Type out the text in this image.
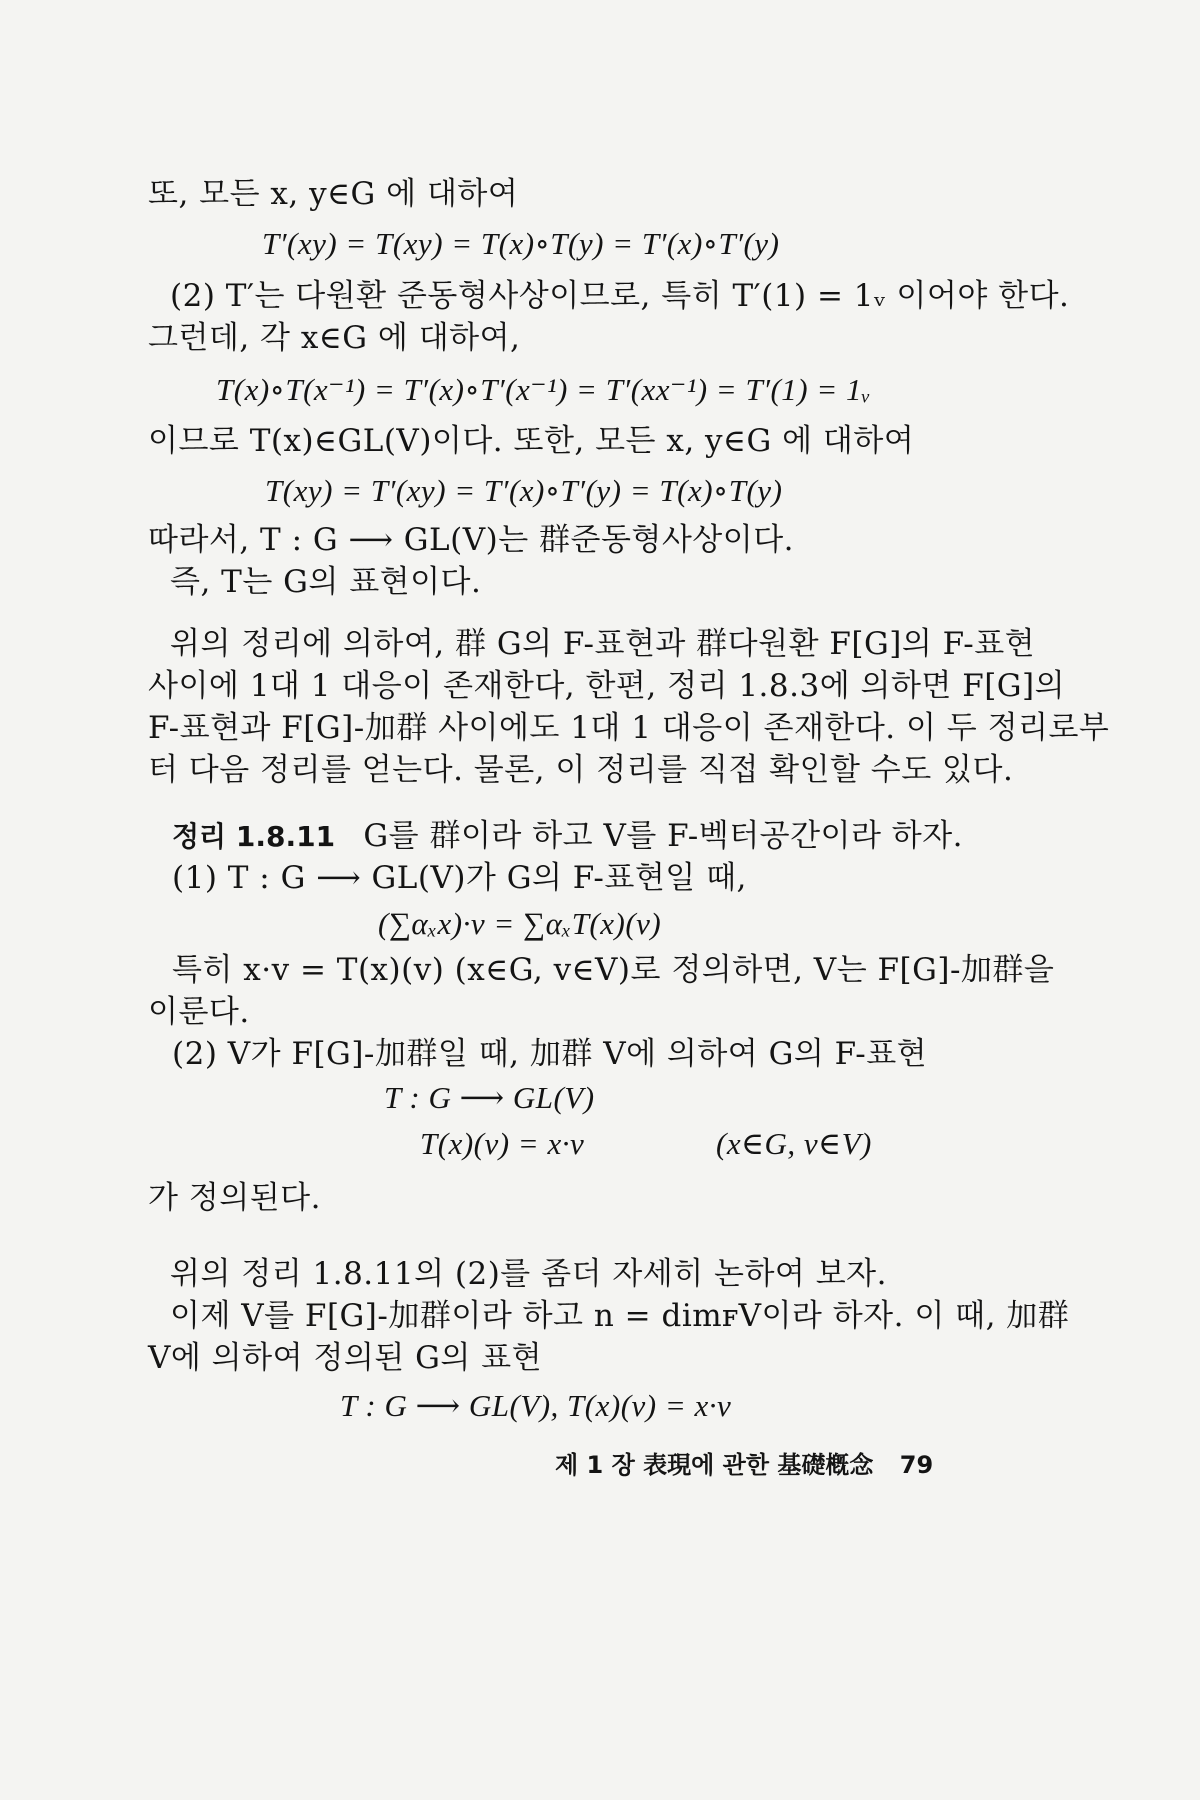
또, 모든 x, y∈G 에 대하여
T′(xy) = T(xy) = T(x)∘T(y) = T′(x)∘T′(y)
(2) T′는 다원환 준동형사상이므로, 특히 T′(1) = 1ᵥ 이어야 한다.
그런데, 각 x∈G 에 대하여,
T(x)∘T(x⁻¹) = T′(x)∘T′(x⁻¹) = T′(xx⁻¹) = T′(1) = 1ᵥ
이므로 T(x)∈GL(V)이다. 또한, 모든 x, y∈G 에 대하여
T(xy) = T′(xy) = T′(x)∘T′(y) = T(x)∘T(y)
따라서, T : G ⟶ GL(V)는 群준동형사상이다.
즉, T는 G의 표현이다.
위의 정리에 의하여, 群 G의 F-표현과 群다원환 F[G]의 F-표현
사이에 1대 1 대응이 존재한다, 한편, 정리 1.8.3에 의하면 F[G]의
F-표현과 F[G]-加群 사이에도 1대 1 대응이 존재한다. 이 두 정리로부
터 다음 정리를 얻는다. 물론, 이 정리를 직접 확인할 수도 있다.
정리 1.8.11 G를 群이라 하고 V를 F-벡터공간이라 하자.
(1) T : G ⟶ GL(V)가 G의 F-표현일 때,
(∑αₓx)·v = ∑αₓT(x)(v)
특히 x·v = T(x)(v) (x∈G, v∈V)로 정의하면, V는 F[G]-加群을
이룬다.
(2) V가 F[G]-加群일 때, 加群 V에 의하여 G의 F-표현
T : G ⟶ GL(V)
T(x)(v) = x·v	(x∈G, v∈V)
가 정의된다.
위의 정리 1.8.11의 (2)를 좀더 자세히 논하여 보자.
이제 V를 F[G]-加群이라 하고 n = dimꜰV이라 하자. 이 때, 加群
V에 의하여 정의된 G의 표현
T : G ⟶ GL(V), T(x)(v) = x·v
제 1 장 表現에 관한 基礎槪念 79
